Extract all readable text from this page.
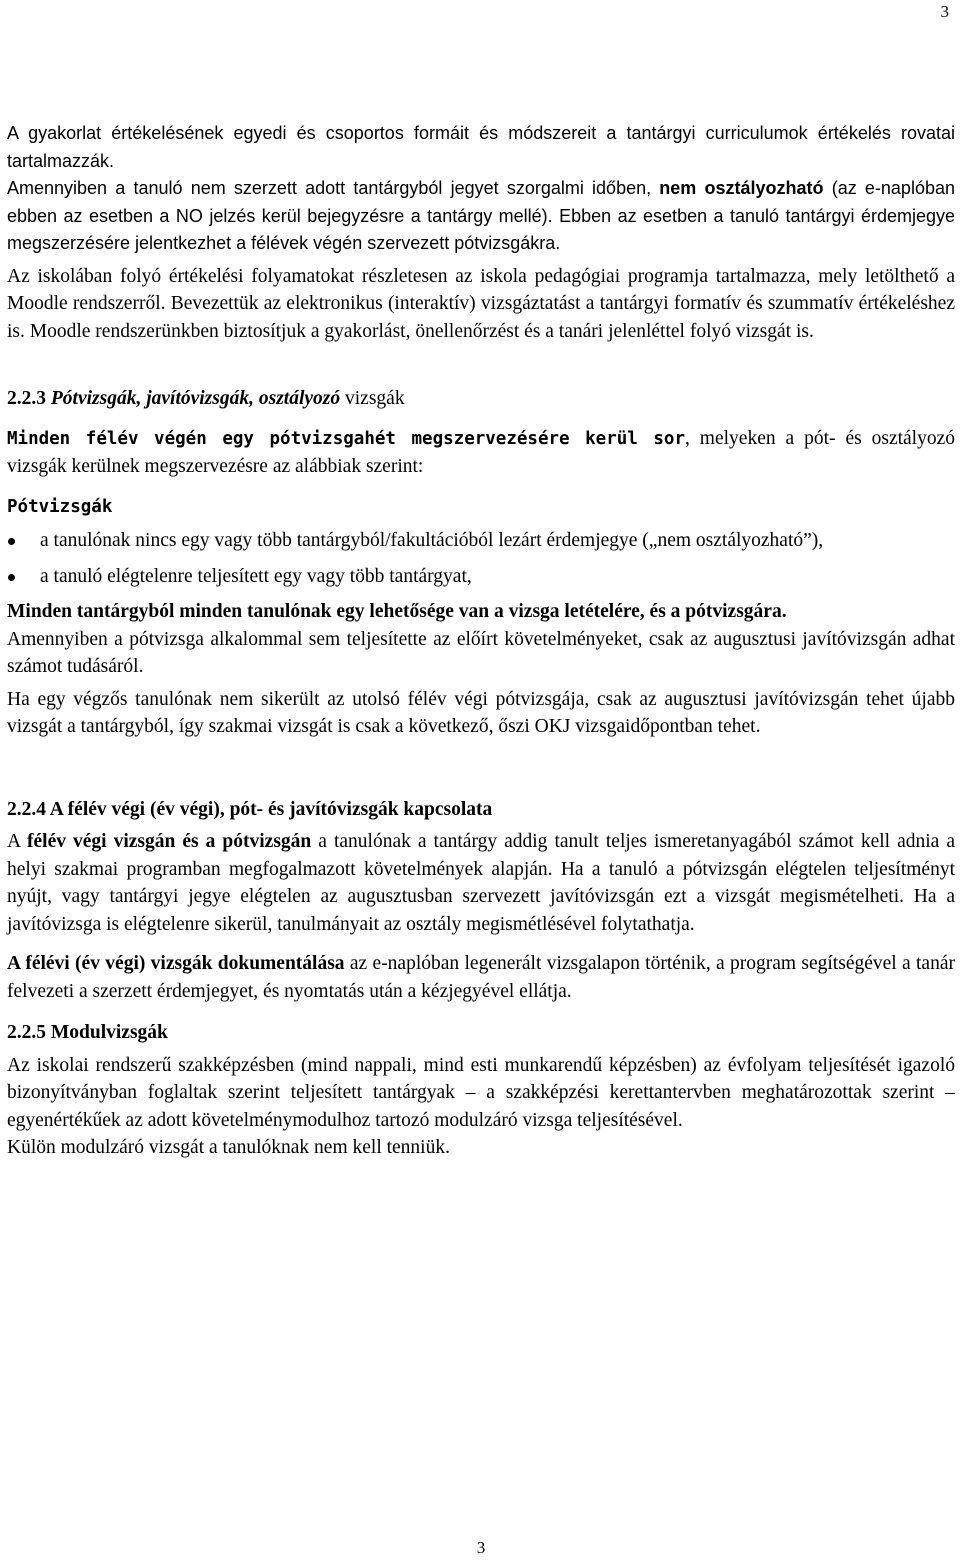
3

A gyakorlat értékelésének egyedi és csoportos formáit és módszereit a tantárgyi curriculumok értékelés rovatai tartalmazzák.

Amennyiben a tanuló nem szerzett adott tantárgyból jegyet szorgalmi időben, nem osztályozható (az e-naplóban ebben az esetben a NO jelzés kerül bejegyzésre a tantárgy mellé). Ebben az esetben a tanuló tantárgyi érdemjegye megszerzésére jelentkezhet a félévek végén szervezett pótvizsgákra.

Az iskolában folyó értékelési folyamatokat részletesen az iskola pedagógiai programja tartalmazza, mely letölthető a Moodle rendszerről. Bevezettük az elektronikus (interaktív) vizsgáztatást a tantárgyi formatív és szummatív értékeléshez is. Moodle rendszerünkben biztosítjuk a gyakorlást, önellenőrzést és a tanári jelenléttel folyó vizsgát is.

2.2.3 Pótvizsgák, javítóvizsgák, osztályozó vizsgák

Minden félév végén egy pótvizsgahét megszervezésére kerül sor, melyeken a pót- és osztályozó vizsgák kerülnek megszervezésre az alábbiak szerint:

Pótvizsgák

a tanulónak nincs egy vagy több tantárgyból/fakultációból lezárt érdemjegye („nem osztályozható”),

a tanuló elégtelenre teljesített egy vagy több tantárgyat,

Minden tantárgyból minden tanulónak egy lehetősége van a vizsga letételére, és a pótvizsgára.

Amennyiben a pótvizsga alkalommal sem teljesítette az előírt követelményeket, csak az augusztusi javítóvizsgán adhat számot tudásáról.

Ha egy végzős tanulónak nem sikerült az utolsó félév végi pótvizsgája, csak az augusztusi javítóvizsgán tehet újabb vizsgát a tantárgyból, így szakmai vizsgát is csak a következő, őszi OKJ vizsgaidőpontban tehet.

2.2.4 A félév végi (év végi), pót- és javítóvizsgák kapcsolata

A félév végi vizsgán és a pótvizsgán a tanulónak a tantárgy addig tanult teljes ismeretanyagából számot kell adnia a helyi szakmai programban megfogalmazott követelmények alapján. Ha a tanuló a pótvizsgán elégtelen teljesítményt nyújt, vagy tantárgyi jegye elégtelen az augusztusban szervezett javítóvizsgán ezt a vizsgát megismételheti. Ha a javítóvizsga is elégtelenre sikerül, tanulmányait az osztály megismétlésével folytathatja.

A félévi (év végi) vizsgák dokumentálása az e-naplóban legenerált vizsgalapon történik, a program segítségével a tanár felvezeti a szerzett érdemjegyet, és nyomtatás után a kézjegyével ellátja.

2.2.5 Modulvizsgák

Az iskolai rendszerű szakképzésben (mind nappali, mind esti munkarendű képzésben) az évfolyam teljesítését igazoló bizonyítványban foglaltak szerint teljesített tantárgyak – a szakképzési kerettantervben meghatározottak szerint – egyenértékűek az adott követelménymodulhoz tartozó modulzáró vizsga teljesítésével.

Külön modulzáró vizsgát a tanulóknak nem kell tenniük.

3
